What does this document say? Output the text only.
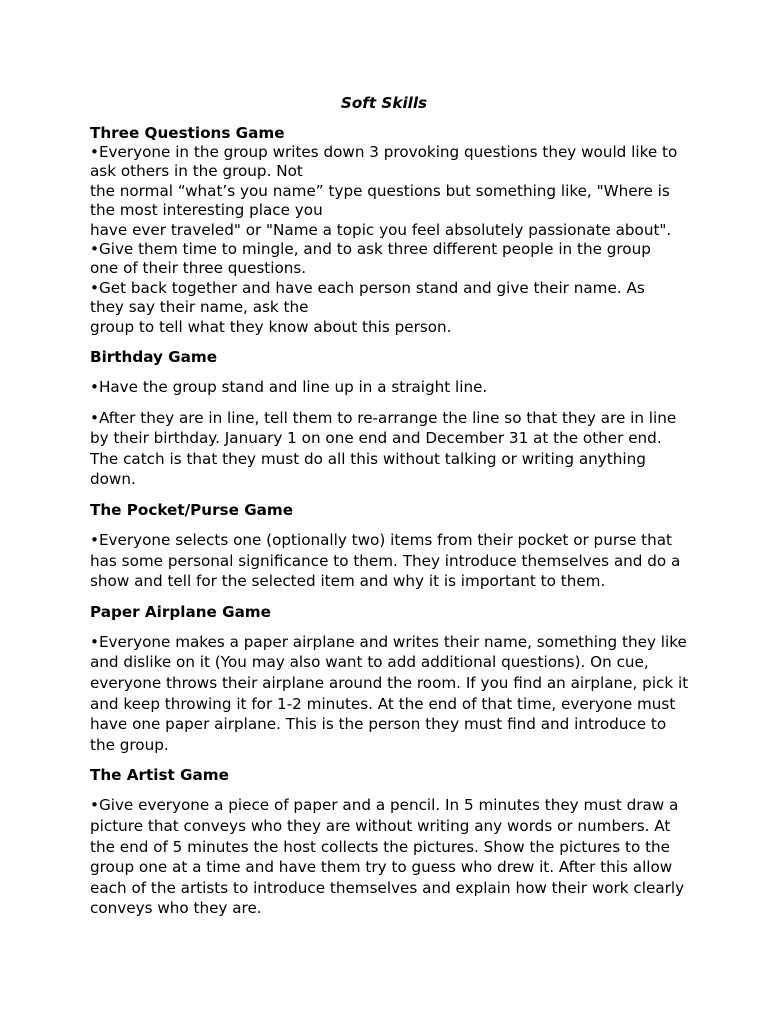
Soft Skills

Three Questions Game

•Everyone in the group writes down 3 provoking questions they would like to

ask others in the group. Not

the normal “what’s you name” type questions but something like, "Where is

the most interesting place you

have ever traveled" or "Name a topic you feel absolutely passionate about".

•Give them time to mingle, and to ask three different people in the group

one of their three questions.

•Get back together and have each person stand and give their name. As

they say their name, ask the

group to tell what they know about this person.

Birthday Game

•Have the group stand and line up in a straight line.

•After they are in line, tell them to re-arrange the line so that they are in line by their birthday. January 1 on one end and December 31 at the other end. The catch is that they must do all this without talking or writing anything down.

The Pocket/Purse Game

•Everyone selects one (optionally two) items from their pocket or purse that has some personal significance to them. They introduce themselves and do a show and tell for the selected item and why it is important to them.

Paper Airplane Game

•Everyone makes a paper airplane and writes their name, something they like and dislike on it (You may also want to add additional questions). On cue, everyone throws their airplane around the room. If you find an airplane, pick it and keep throwing it for 1-2 minutes. At the end of that time, everyone must have one paper airplane. This is the person they must find and introduce to the group.

The Artist Game

•Give everyone a piece of paper and a pencil. In 5 minutes they must draw a picture that conveys who they are without writing any words or numbers. At the end of 5 minutes the host collects the pictures. Show the pictures to the group one at a time and have them try to guess who drew it. After this allow each of the artists to introduce themselves and explain how their work clearly conveys who they are.
